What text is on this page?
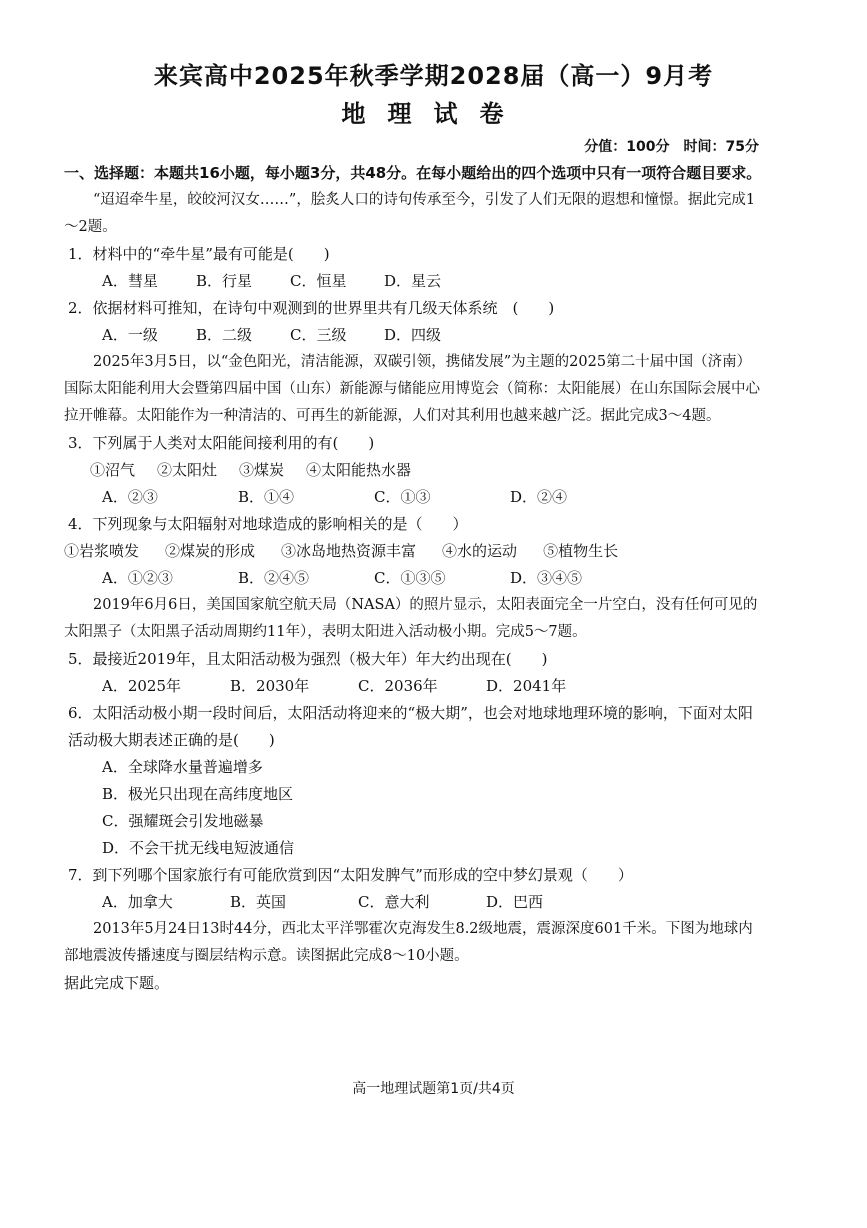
来宾高中2025年秋季学期2028届（高一）9月考
地理试卷
分值：100分 时间：75分
一、选择题：本题共16小题，每小题3分，共48分。在每小题给出的四个选项中只有一项符合题目要求。
“迢迢牵牛星，皎皎河汉女……”，脍炙人口的诗句传承至今，引发了人们无限的遐想和憧憬。据此完成1～2题。
1．材料中的“牵牛星”最有可能是(　　)
A．彗星	B．行星	C．恒星	D．星云
2．依据材料可推知，在诗句中观测到的世界里共有几级天体系统　(　　)
A．一级	B．二级	C．三级	D．四级
2025年3月5日，以“金色阳光，清洁能源，双碳引领，携储发展”为主题的2025第二十届中国（济南）国际太阳能利用大会暨第四届中国（山东）新能源与储能应用博览会（简称：太阳能展）在山东国际会展中心拉开帷幕。太阳能作为一种清洁的、可再生的新能源，人们对其利用也越来越广泛。据此完成3～4题。
3．下列属于人类对太阳能间接利用的有(　　)
①沼气 ②太阳灶 ③煤炭 ④太阳能热水器
A．②③	B．①④	C．①③	D．②④
4．下列现象与太阳辐射对地球造成的影响相关的是（　　）
①岩浆喷发 ②煤炭的形成 ③冰岛地热资源丰富 ④水的运动 ⑤植物生长
A．①②③	B．②④⑤	C．①③⑤	D．③④⑤
2019年6月6日，美国国家航空航天局（NASA）的照片显示，太阳表面完全一片空白，没有任何可见的太阳黑子（太阳黑子活动周期约11年），表明太阳进入活动极小期。完成5～7题。
5．最接近2019年，且太阳活动极为强烈（极大年）年大约出现在(　　)
A．2025年	B．2030年	C．2036年	D．2041年
6．太阳活动极小期一段时间后，太阳活动将迎来的“极大期”，也会对地球地理环境的影响，下面对太阳活动极大期表述正确的是(　　)
A．全球降水量普遍增多
B．极光只出现在高纬度地区
C．强耀斑会引发地磁暴
D．不会干扰无线电短波通信
7．到下列哪个国家旅行有可能欣赏到因“太阳发脾气”而形成的空中梦幻景观（　　）
A．加拿大	B．英国	C．意大利	D．巴西
2013年5月24日13时44分，西北太平洋鄂霍次克海发生8.2级地震，震源深度601千米。下图为地球内部地震波传播速度与圈层结构示意。读图据此完成8～10小题。
据此完成下题。
高一地理试题第1页/共4页
